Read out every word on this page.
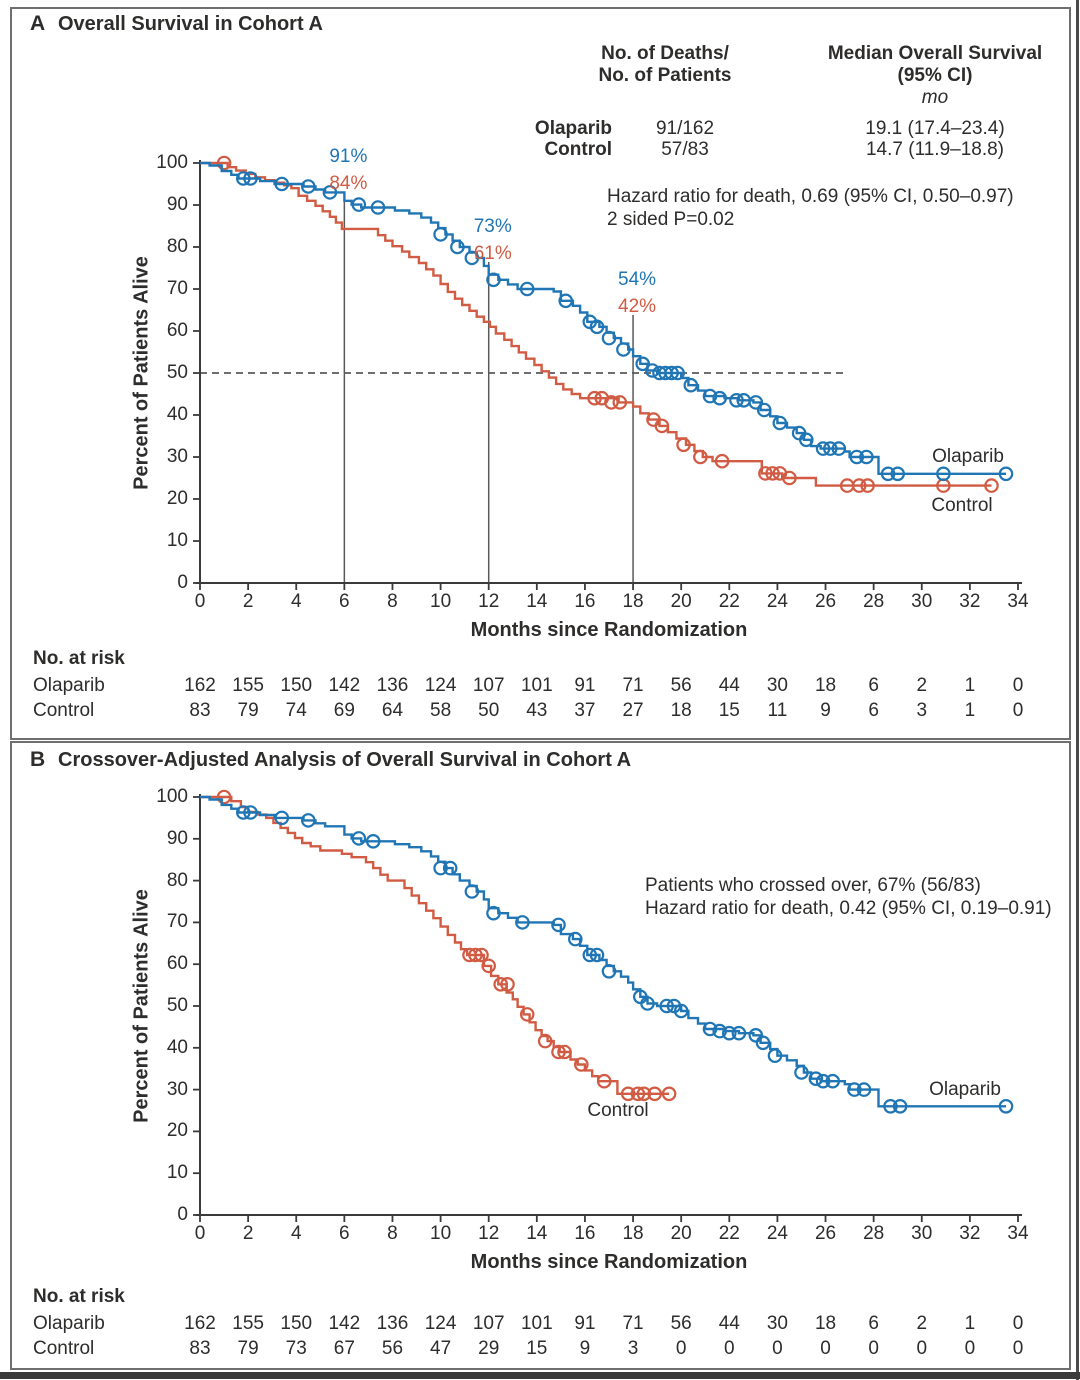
A Overall Survival in Cohort A
No. of Deaths/
No. of Patients
Median Overall Survival
(95% CI)
mo
Olaparib	91/162	19.1 (17.4–23.4)
Control	57/83	14.7 (11.9–18.8)
Hazard ratio for death, 0.69 (95% CI, 0.50–0.97)
2 sided P=0.02
Percent of Patients Alive
Months since Randomization
Olaparib
Control
No. at risk
B Crossover-Adjusted Analysis of Overall Survival in Cohort A
Patients who crossed over, 67% (56/83)
Hazard ratio for death, 0.42 (95% CI, 0.19–0.91)
Percent of Patients Alive
Months since Randomization
Control
Olaparib
No. at risk
0	2	4	6	8	10	12	14	16	18	20	22	24	26	28	30	32	34
0
10
20
30
40
50
60
70
80
90
100	91%
84%
73%
61%
54%
42%
Olaparib	162 155 150 142 136 124 107 101	91	71	56	44	30	18	6	2	1	0
Control	83	79	74	69	64	58	50	43	37	27	18	15	11	9	6	3	1	0
0	2	4	6	8	10	12	14	16	18	20	22	24	26	28	30	32	34
0
10
20
30
40
50
60
70
80
90
100
Olaparib	162 155 150 142 136 124 107 101	91	71	56	44	30	18	6	2	1	0
Control	83	79	73	67	56	47	29	15	9	3	0	0	0	0	0	0	0	0
